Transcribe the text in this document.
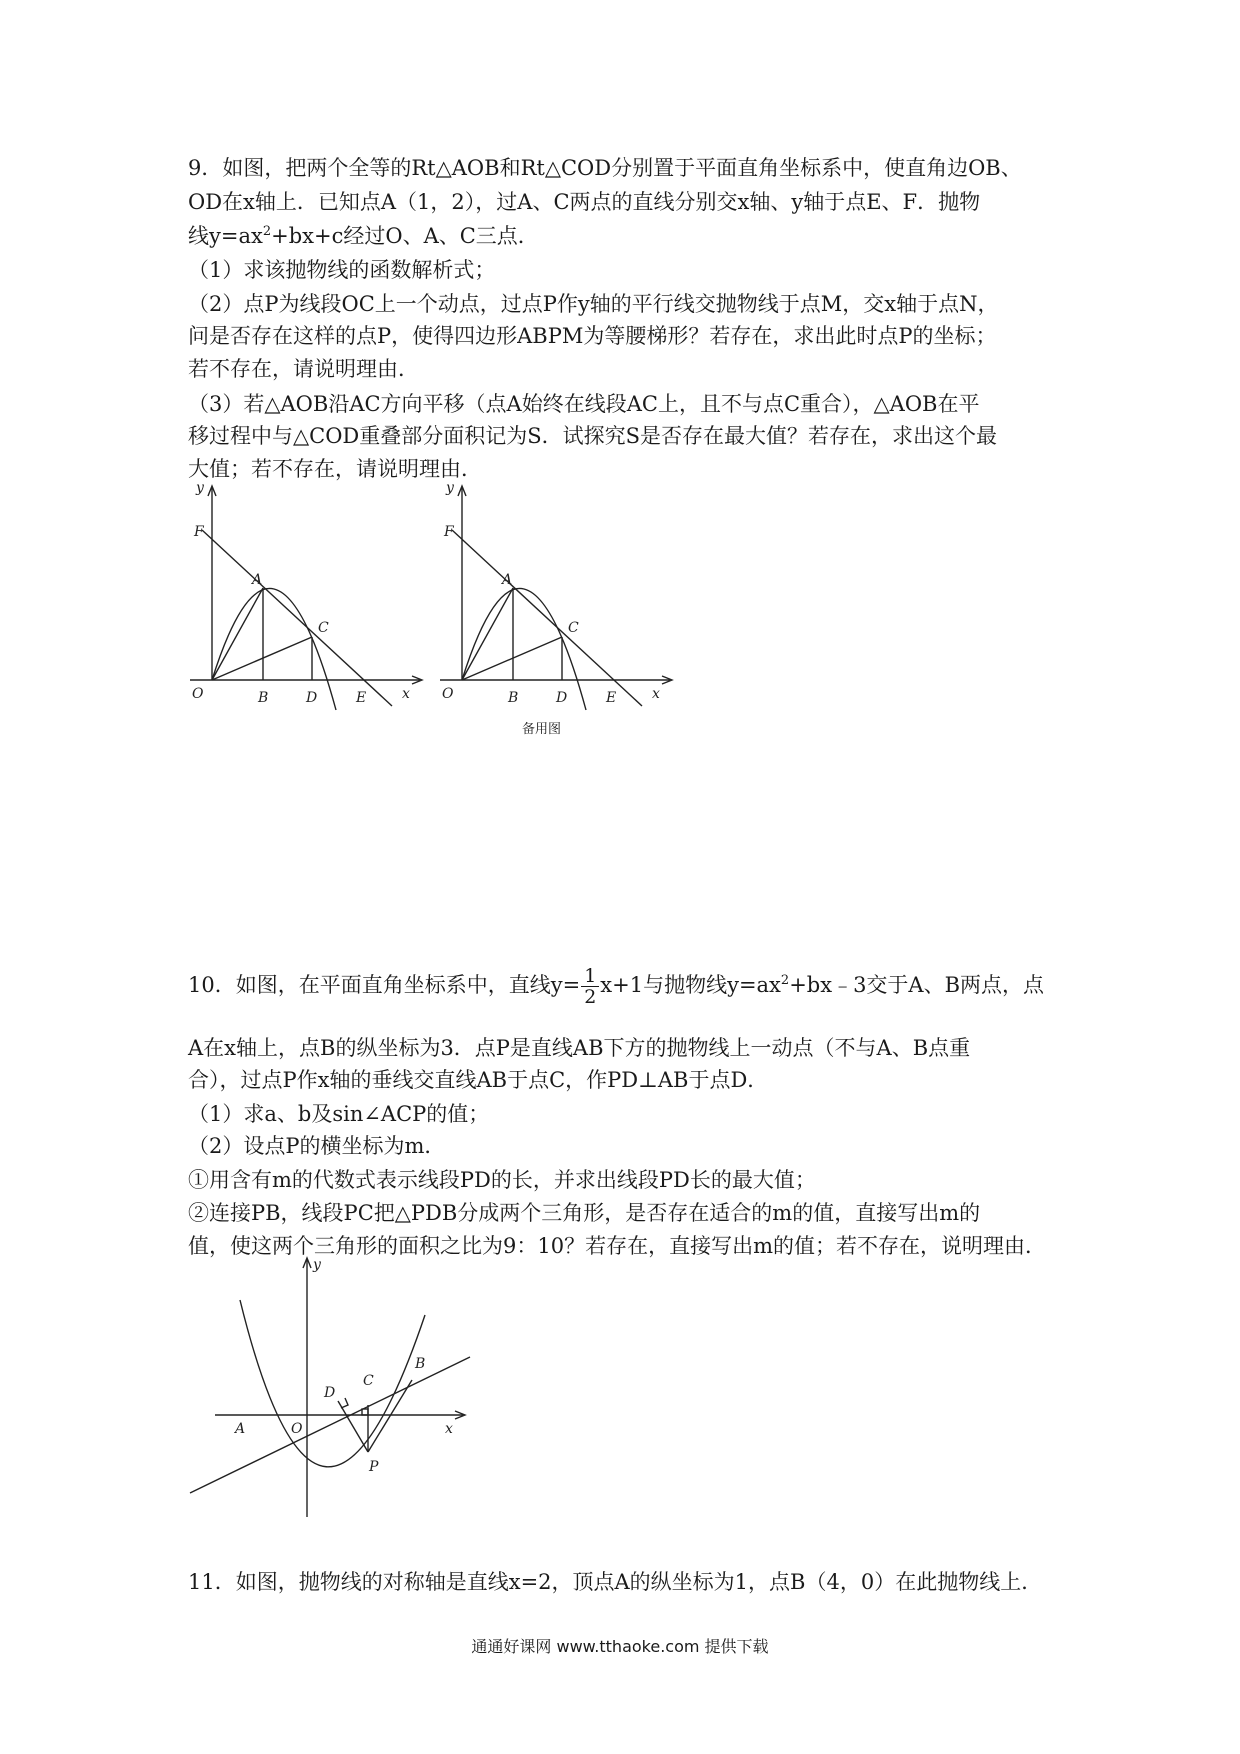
9．如图，把两个全等的Rt△AOB和Rt△COD分别置于平面直角坐标系中，使直角边OB、
OD在x轴上．已知点A（1，2），过A、C两点的直线分别交x轴、y轴于点E、F．抛物
线$y=ax^2+bx+c$经过O、A、C三点．
（1）求该抛物线的函数解析式；
（2）点P为线段OC上一个动点，过点P作y轴的平行线交抛物线于点M，交x轴于点N，
问是否存在这样的点P，使得四边形ABPM为等腰梯形？若存在，求出此时点P的坐标；
若不存在，请说明理由．
（3）若△AOB沿AC方向平移（点A始终在线段AC上，且不与点C重合），△AOB在平
移过程中与△COD重叠部分面积记为S．试探究S是否存在最大值？若存在，求出这个最
大值；若不存在，请说明理由．
y
F
A
C
O	B	D	E	x
y
F
A
C
O	B	D	E	x
备用图
10．如图，在平面直角坐标系中，直线$y= \frac{1}{2} x+1$与抛物线$y=ax^2+bx﹣3$交于A、B两点，点
A在x轴上，点B的纵坐标为3．点P是直线AB下方的抛物线上一动点（不与A、B点重
合），过点P作x轴的垂线交直线AB于点C，作PD⊥AB于点D．
（1）求a、b及sin∠ACP的值；
（2）设点P的横坐标为m．
①用含有m的代数式表示线段PD的长，并求出线段PD长的最大值；
②连接PB，线段PC把△PDB分成两个三角形，是否存在适合的m的值，直接写出m的
值，使这两个三角形的面积之比为9：10？若存在，直接写出m的值；若不存在，说明理由．
y
x
A	O
D
C
B
P
11．如图，抛物线的对称轴是直线x=2，顶点A的纵坐标为1，点B（4，0）在此抛物线上．
通通好课网 www.tthaoke.com 提供下载
